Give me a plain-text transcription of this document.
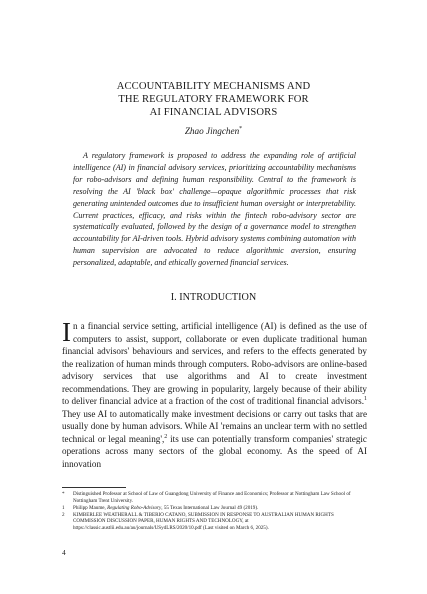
ACCOUNTABILITY MECHANISMS AND
THE REGULATORY FRAMEWORK FOR
AI FINANCIAL ADVISORS
Zhao Jingchen*
A regulatory framework is proposed to address the expanding role of artificial intelligence (AI) in financial advisory services, prioritizing accountability mechanisms for robo-advisors and defining human responsibility. Central to the framework is resolving the AI 'black box' challenge—opaque algorithmic processes that risk generating unintended outcomes due to insufficient human oversight or interpretability. Current practices, efficacy, and risks within the fintech robo-advisory sector are systematically evaluated, followed by the design of a governance model to strengthen accountability for AI-driven tools. Hybrid advisory systems combining automation with human supervision are advocated to reduce algorithmic aversion, ensuring personalized, adaptable, and ethically governed financial services.
I. INTRODUCTION
In a financial service setting, artificial intelligence (AI) is defined as the use of computers to assist, support, collaborate or even duplicate traditional human financial advisors' behaviours and services, and refers to the effects generated by the realization of human minds through computers. Robo-advisors are online-based advisory services that use algorithms and AI to create investment recommendations. They are growing in popularity, largely because of their ability to deliver financial advice at a fraction of the cost of traditional financial advisors.$^1$ They use AI to automatically make investment decisions or carry out tasks that are usually done by human advisors. While AI 'remains an unclear term with no settled technical or legal meaning',$^2$ its use can potentially transform companies' strategic operations across many sectors of the global economy. As the speed of AI innovation
*	Distinguished Professor at School of Law of Guangdong University of Finance and Economics; Professor at Nottingham Law School of Nottingham Trent University.
1	Philipp Maume, Regulating Robo-Advisory, 55 Texas International Law Journal 49 (2019).
2	KIMBERLEE WEATHERALL & TIBERIO CATANO, SUBMISSION IN RESPONSE TO AUSTRALIAN HUMAN RIGHTS COMMISSION DISCUSSION PAPER, HUMAN RIGHTS AND TECHNOLOGY, at https://classic.austlii.edu.au/au/journals/USydLRS/2020/10.pdf (Last visited on March 6, 2025).
4
